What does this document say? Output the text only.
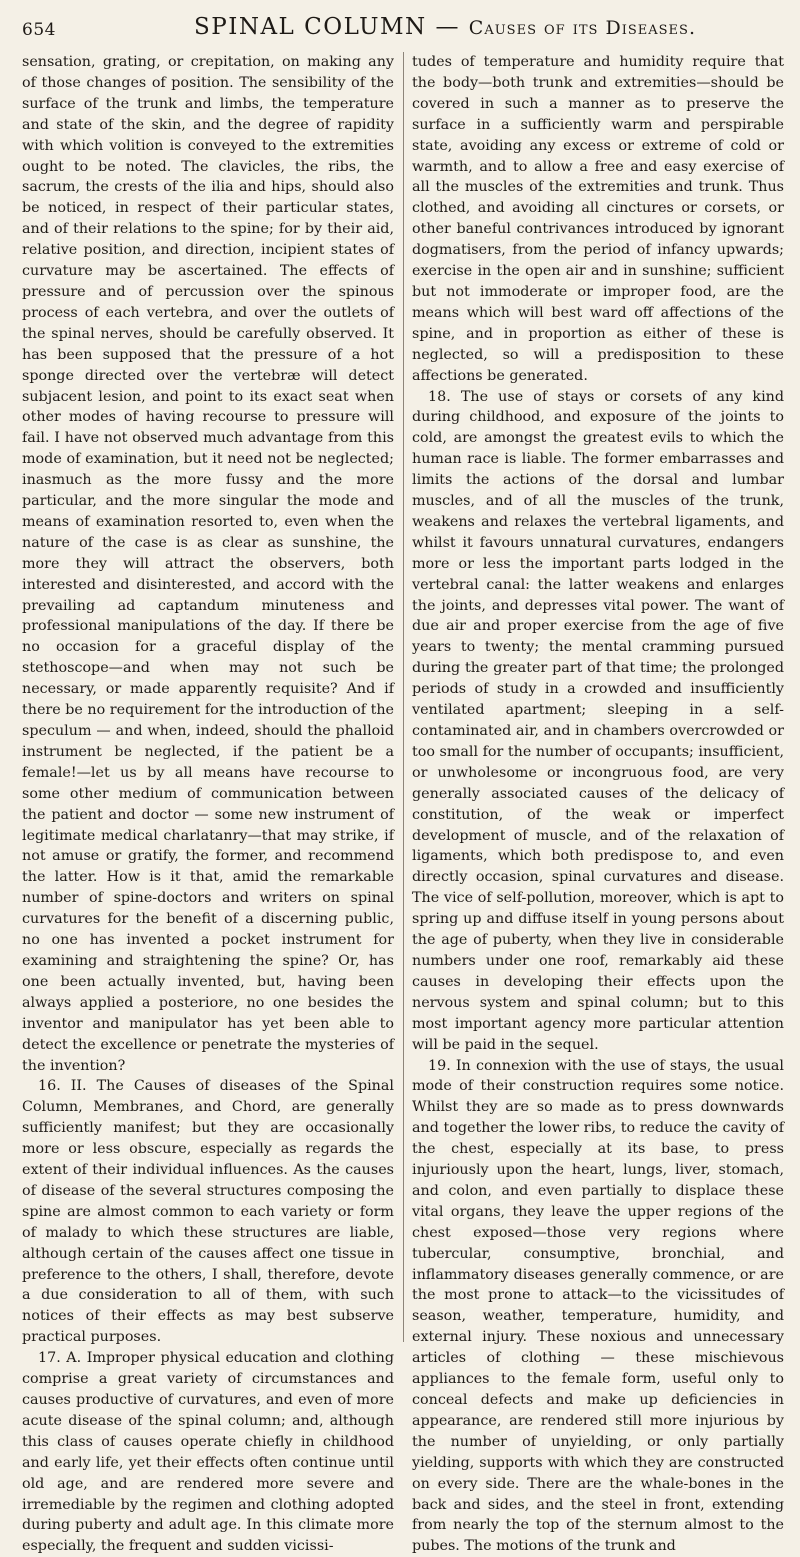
654	SPINAL COLUMN — Causes of its Diseases.

sensation, grating, or crepitation, on making any of those changes of position. The sensibility of the surface of the trunk and limbs, the temperature and state of the skin, and the degree of rapidity with which volition is conveyed to the extremities ought to be noted. The clavicles, the ribs, the sacrum, the crests of the ilia and hips, should also be noticed, in respect of their particular states, and of their relations to the spine; for by their aid, relative position, and direction, incipient states of curvature may be ascertained. The effects of pressure and of percussion over the spinous process of each vertebra, and over the outlets of the spinal nerves, should be carefully observed. It has been supposed that the pressure of a hot sponge directed over the vertebræ will detect subjacent lesion, and point to its exact seat when other modes of having recourse to pressure will fail. I have not observed much advantage from this mode of examination, but it need not be neglected; inasmuch as the more fussy and the more particular, and the more singular the mode and means of examination resorted to, even when the nature of the case is as clear as sunshine, the more they will attract the observers, both interested and disinterested, and accord with the prevailing ad captandum minuteness and professional manipulations of the day. If there be no occasion for a graceful display of the stethoscope—and when may not such be necessary, or made apparently requisite? And if there be no requirement for the introduction of the speculum — and when, indeed, should the phalloid instrument be neglected, if the patient be a female!—let us by all means have recourse to some other medium of communication between the patient and doctor — some new instrument of legitimate medical charlatanry—that may strike, if not amuse or gratify, the former, and recommend the latter. How is it that, amid the remarkable number of spine-doctors and writers on spinal curvatures for the benefit of a discerning public, no one has invented a pocket instrument for examining and straightening the spine? Or, has one been actually invented, but, having been always applied a posteriore, no one besides the inventor and manipulator has yet been able to detect the excellence or penetrate the mysteries of the invention?

16. II. The Causes of diseases of the Spinal Column, Membranes, and Chord, are generally sufficiently manifest; but they are occasionally more or less obscure, especially as regards the extent of their individual influences. As the causes of disease of the several structures composing the spine are almost common to each variety or form of malady to which these structures are liable, although certain of the causes affect one tissue in preference to the others, I shall, therefore, devote a due consideration to all of them, with such notices of their effects as may best subserve practical purposes.

17. A. Improper physical education and clothing comprise a great variety of circumstances and causes productive of curvatures, and even of more acute disease of the spinal column; and, although this class of causes operate chiefly in childhood and early life, yet their effects often continue until old age, and are rendered more severe and irremediable by the regimen and clothing adopted during puberty and adult age. In this climate more especially, the frequent and sudden vicissi-

tudes of temperature and humidity require that the body—both trunk and extremities—should be covered in such a manner as to preserve the surface in a sufficiently warm and perspirable state, avoiding any excess or extreme of cold or warmth, and to allow a free and easy exercise of all the muscles of the extremities and trunk. Thus clothed, and avoiding all cinctures or corsets, or other baneful contrivances introduced by ignorant dogmatisers, from the period of infancy upwards; exercise in the open air and in sunshine; sufficient but not immoderate or improper food, are the means which will best ward off affections of the spine, and in proportion as either of these is neglected, so will a predisposition to these affections be generated.

18. The use of stays or corsets of any kind during childhood, and exposure of the joints to cold, are amongst the greatest evils to which the human race is liable. The former embarrasses and limits the actions of the dorsal and lumbar muscles, and of all the muscles of the trunk, weakens and relaxes the vertebral ligaments, and whilst it favours unnatural curvatures, endangers more or less the important parts lodged in the vertebral canal: the latter weakens and enlarges the joints, and depresses vital power. The want of due air and proper exercise from the age of five years to twenty; the mental cramming pursued during the greater part of that time; the prolonged periods of study in a crowded and insufficiently ventilated apartment; sleeping in a self-contaminated air, and in chambers overcrowded or too small for the number of occupants; insufficient, or unwholesome or incongruous food, are very generally associated causes of the delicacy of constitution, of the weak or imperfect development of muscle, and of the relaxation of ligaments, which both predispose to, and even directly occasion, spinal curvatures and disease. The vice of self-pollution, moreover, which is apt to spring up and diffuse itself in young persons about the age of puberty, when they live in considerable numbers under one roof, remarkably aid these causes in developing their effects upon the nervous system and spinal column; but to this most important agency more particular attention will be paid in the sequel.

19. In connexion with the use of stays, the usual mode of their construction requires some notice. Whilst they are so made as to press downwards and together the lower ribs, to reduce the cavity of the chest, especially at its base, to press injuriously upon the heart, lungs, liver, stomach, and colon, and even partially to displace these vital organs, they leave the upper regions of the chest exposed—those very regions where tubercular, consumptive, bronchial, and inflammatory diseases generally commence, or are the most prone to attack—to the vicissitudes of season, weather, temperature, humidity, and external injury. These noxious and unnecessary articles of clothing — these mischievous appliances to the female form, useful only to conceal defects and make up deficiencies in appearance, are rendered still more injurious by the number of unyielding, or only partially yielding, supports with which they are constructed on every side. There are the whale-bones in the back and sides, and the steel in front, extending from nearly the top of the sternum almost to the pubes. The motions of the trunk and
